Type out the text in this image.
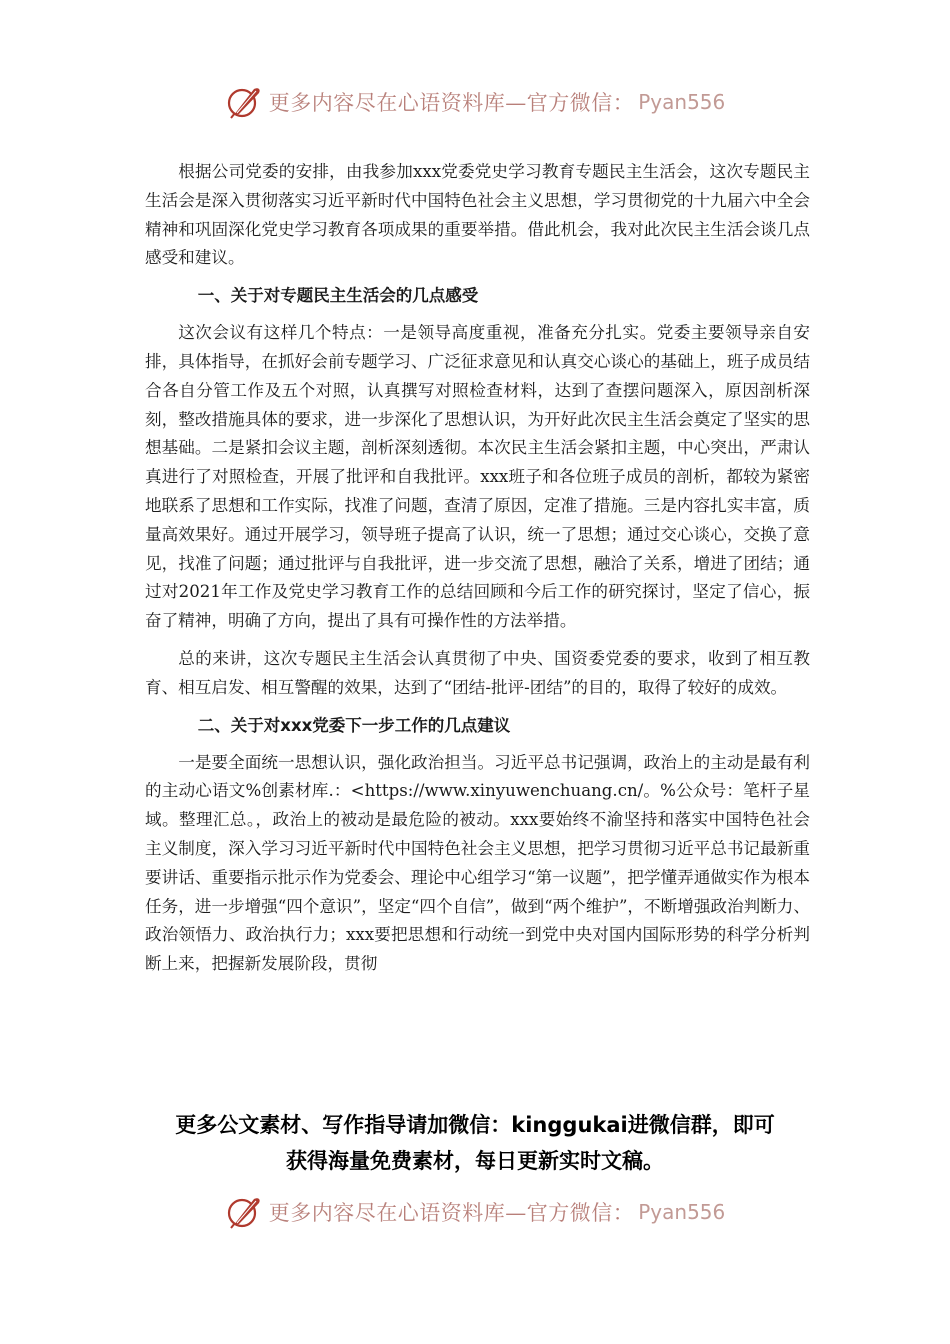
更多内容尽在心语资料库—官方微信： Pyan556

根据公司党委的安排，由我参加xxx党委党史学习教育专题民主生活会，这次专题民主生活会是深入贯彻落实习近平新时代中国特色社会主义思想，学习贯彻党的十九届六中全会精神和巩固深化党史学习教育各项成果的重要举措。借此机会，我对此次民主生活会谈几点感受和建议。

一、关于对专题民主生活会的几点感受

这次会议有这样几个特点：一是领导高度重视，准备充分扎实。党委主要领导亲自安排，具体指导，在抓好会前专题学习、广泛征求意见和认真交心谈心的基础上，班子成员结合各自分管工作及五个对照，认真撰写对照检查材料，达到了查摆问题深入，原因剖析深刻，整改措施具体的要求，进一步深化了思想认识，为开好此次民主生活会奠定了坚实的思想基础。二是紧扣会议主题，剖析深刻透彻。本次民主生活会紧扣主题，中心突出，严肃认真进行了对照检查，开展了批评和自我批评。xxx班子和各位班子成员的剖析，都较为紧密地联系了思想和工作实际，找准了问题，查清了原因，定准了措施。三是内容扎实丰富，质量高效果好。通过开展学习，领导班子提高了认识，统一了思想；通过交心谈心，交换了意见，找准了问题；通过批评与自我批评，进一步交流了思想，融洽了关系，增进了团结；通过对2021年工作及党史学习教育工作的总结回顾和今后工作的研究探讨，坚定了信心，振奋了精神，明确了方向，提出了具有可操作性的方法举措。

总的来讲，这次专题民主生活会认真贯彻了中央、国资委党委的要求，收到了相互教育、相互启发、相互警醒的效果，达到了“团结-批评-团结”的目的，取得了较好的成效。

二、关于对xxx党委下一步工作的几点建议

一是要全面统一思想认识，强化政治担当。习近平总书记强调，政治上的主动是最有利的主动心语文%创素材库.：<https://www.xinyuwenchuang.cn/。%公众号：笔杆子星域。整理汇总。，政治上的被动是最危险的被动。xxx要始终不渝坚持和落实中国特色社会主义制度，深入学习习近平新时代中国特色社会主义思想，把学习贯彻习近平总书记最新重要讲话、重要指示批示作为党委会、理论中心组学习“第一议题”，把学懂弄通做实作为根本任务，进一步增强“四个意识”，坚定“四个自信”，做到“两个维护”，不断增强政治判断力、政治领悟力、政治执行力；xxx要把思想和行动统一到党中央对国内国际形势的科学分析判断上来，把握新发展阶段，贯彻

更多公文素材、写作指导请加微信：kinggukai进微信群，即可
获得海量免费素材，每日更新实时文稿。
更多内容尽在心语资料库—官方微信： Pyan556
